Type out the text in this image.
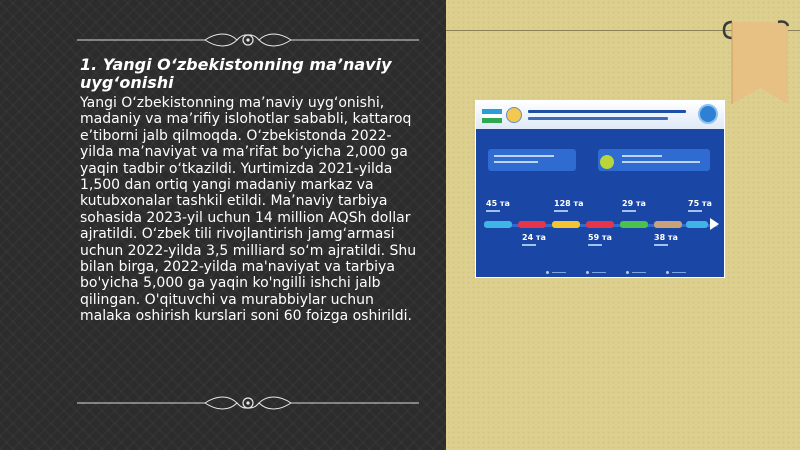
1. Yangi O‘zbekistonning ma’naviy uyg‘onishi

Yangi O‘zbekistonning ma’naviy uyg‘onishi, madaniy va ma’rifiy islohotlar sababli, kattaroq e’tiborni jalb qilmoqda. O‘zbekistonda 2022-yilda ma’naviyat va ma’rifat bo‘yicha 2,000 ga yaqin tadbir o‘tkazildi. Yurtimizda 2021-yilda 1,500 dan ortiq yangi madaniy markaz va kutubxonalar tashkil etildi. Ma’naviy tarbiya sohasida 2023-yil uchun 14 million AQSh dollar ajratildi. O‘zbek tili rivojlantirish jamg‘armasi uchun 2022-yilda 3,5 milliard so‘m ajratildi. Shu bilan birga, 2022-yilda ma'naviyat va tarbiya bo'yicha 5,000 ga yaqin ko'ngilli ishchi jalb qilingan. O'qituvchi va murabbiylar uchun malaka oshirish kurslari soni 60 foizga oshirildi.

45 та
24 та
128 та
59 та
29 та
38 та
75 та
